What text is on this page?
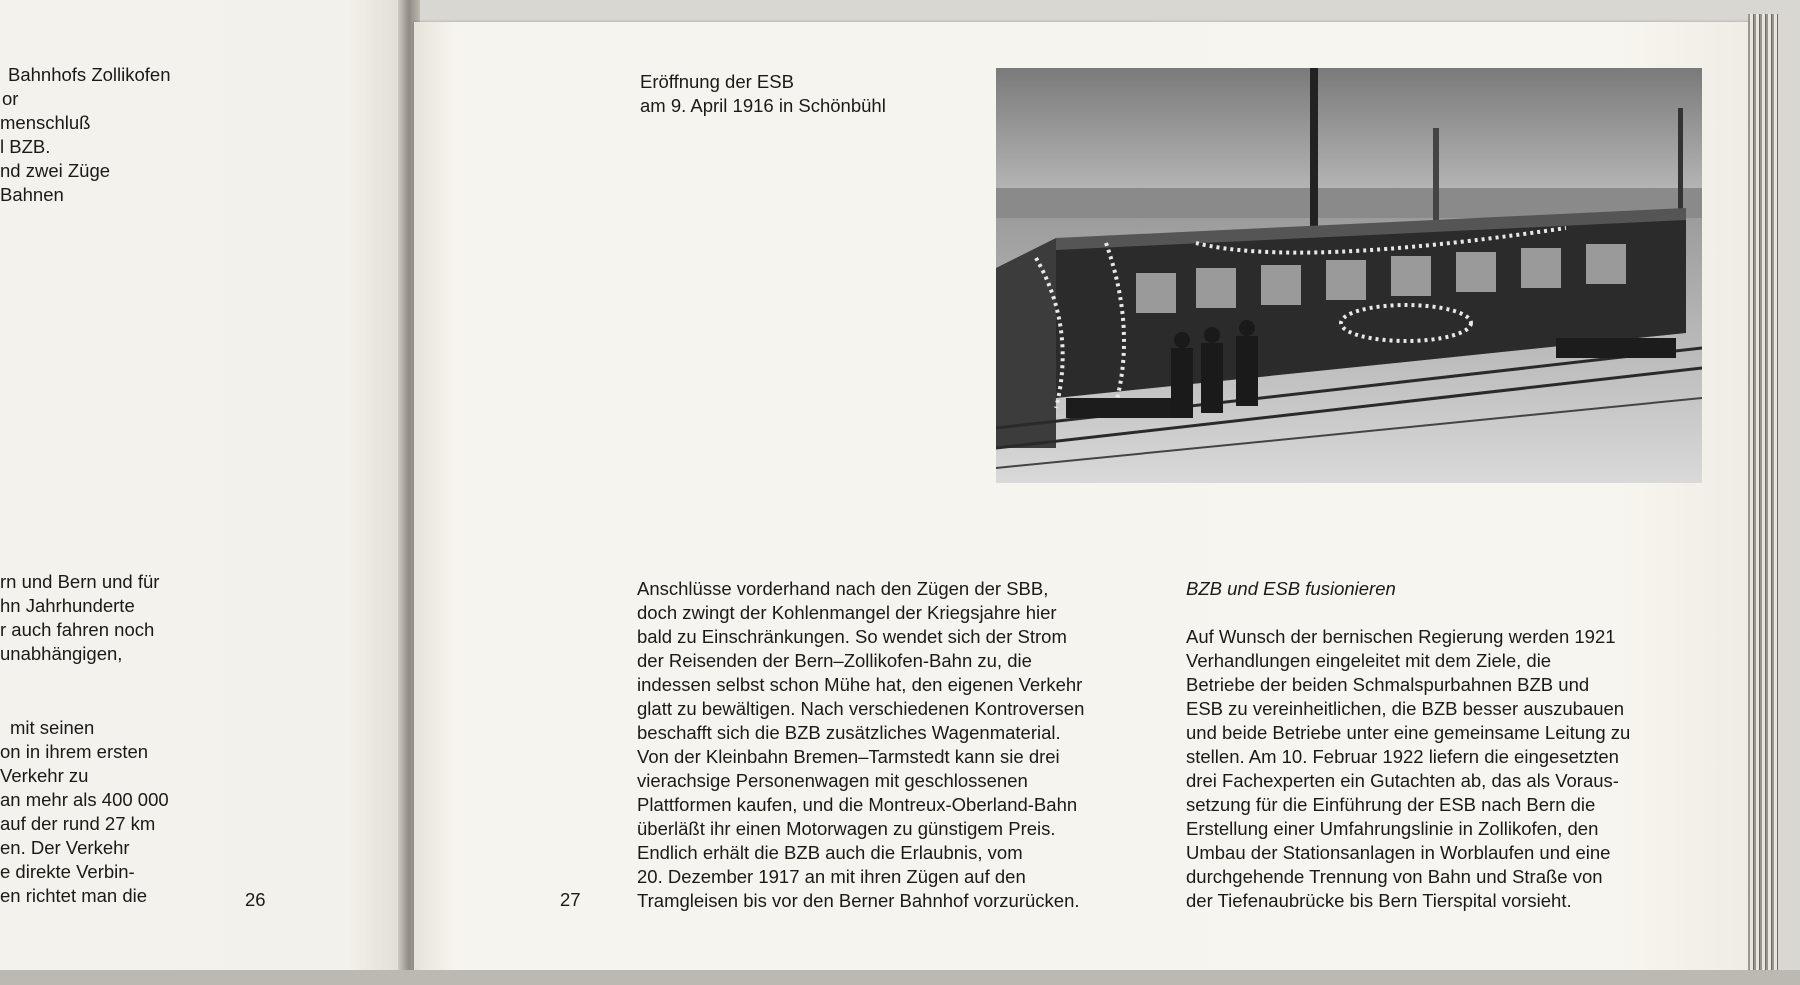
Bahnhofs Zollikofen
or
menschluß
l BZB.
nd zwei Züge
Bahnen
rn und Bern und für
hn Jahrhunderte
r auch fahren noch
unabhängigen,
mit seinen
on in ihrem ersten
Verkehr zu
an mehr als 400 000
auf der rund 27 km
en. Der Verkehr
e direkte Verbin-
en richtet man die	26	27
Eröffnung der ESB
am 9. April 1916 in Schönbühl
Anschlüsse vorderhand nach den Zügen der SBB,
doch zwingt der Kohlenmangel der Kriegsjahre hier
bald zu Einschränkungen. So wendet sich der Strom
der Reisenden der Bern–Zollikofen-Bahn zu, die
indessen selbst schon Mühe hat, den eigenen Verkehr
glatt zu bewältigen. Nach verschiedenen Kontroversen
beschafft sich die BZB zusätzliches Wagenmaterial.
Von der Kleinbahn Bremen–Tarmstedt kann sie drei
vierachsige Personenwagen mit geschlossenen
Plattformen kaufen, und die Montreux-Oberland-Bahn
überläßt ihr einen Motorwagen zu günstigem Preis.
Endlich erhält die BZB auch die Erlaubnis, vom
20. Dezember 1917 an mit ihren Zügen auf den
Tramgleisen bis vor den Berner Bahnhof vorzurücken.
BZB und ESB fusionieren
Auf Wunsch der bernischen Regierung werden 1921
Verhandlungen eingeleitet mit dem Ziele, die
Betriebe der beiden Schmalspurbahnen BZB und
ESB zu vereinheitlichen, die BZB besser auszubauen
und beide Betriebe unter eine gemeinsame Leitung zu
stellen. Am 10. Februar 1922 liefern die eingesetzten
drei Fachexperten ein Gutachten ab, das als Voraus-
setzung für die Einführung der ESB nach Bern die
Erstellung einer Umfahrungslinie in Zollikofen, den
Umbau der Stationsanlagen in Worblaufen und eine
durchgehende Trennung von Bahn und Straße von
der Tiefenaubrücke bis Bern Tierspital vorsieht.
